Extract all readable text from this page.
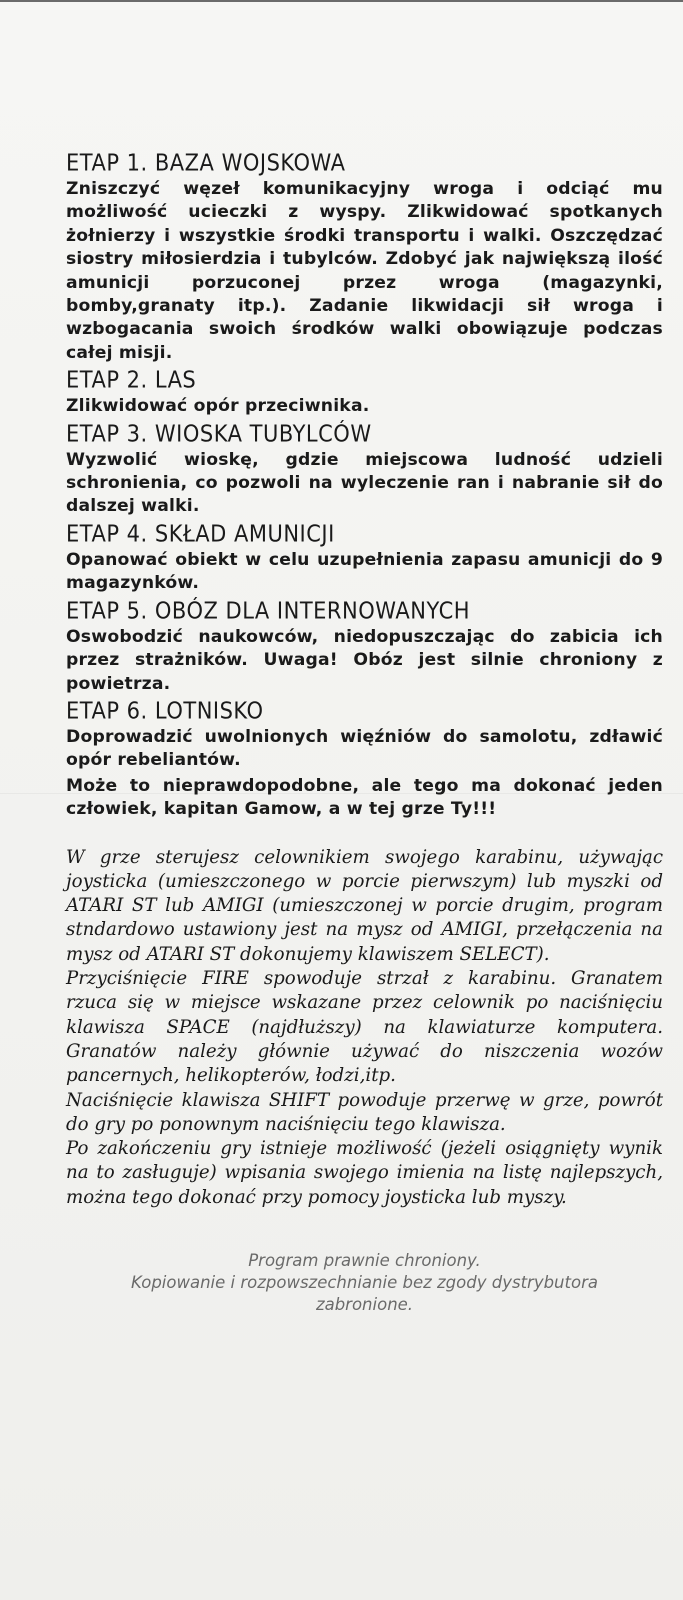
ETAP 1. BAZA WOJSKOWA

Zniszczyć węzeł komunikacyjny wroga i odciąć mu możliwość ucieczki z wyspy. Zlikwidować spotkanych żołnierzy i wszystkie środki transportu i walki. Oszczędzać siostry miłosierdzia i tubylców. Zdobyć jak największą ilość amunicji porzuconej przez wroga (magazynki, bomby,granaty itp.). Zadanie likwidacji sił wroga i wzbogacania swoich środków walki obowiązuje podczas całej misji.

ETAP 2. LAS

Zlikwidować opór przeciwnika.

ETAP 3. WIOSKA TUBYLCÓW

Wyzwolić wioskę, gdzie miejscowa ludność udzieli schronienia, co pozwoli na wyleczenie ran i nabranie sił do dalszej walki.

ETAP 4. SKŁAD AMUNICJI

Opanować obiekt w celu uzupełnienia zapasu amunicji do 9 magazynków.

ETAP 5. OBÓZ DLA INTERNOWANYCH

Oswobodzić naukowców, niedopuszczając do zabicia ich przez strażników. Uwaga! Obóz jest silnie chroniony z powietrza.

ETAP 6. LOTNISKO

Doprowadzić uwolnionych więźniów do samolotu, zdławić opór rebeliantów.

Może to nieprawdopodobne, ale tego ma dokonać jeden człowiek, kapitan Gamow, a w tej grze Ty!!!

W grze sterujesz celownikiem swojego karabinu, używając joysticka (umieszczonego w porcie pierwszym) lub myszki od ATARI ST lub AMIGI (umieszczonej w porcie drugim, program stndardowo ustawiony jest na mysz od AMIGI, przełączenia na mysz od ATARI ST dokonujemy klawiszem SELECT).

Przyciśnięcie FIRE spowoduje strzał z karabinu. Granatem rzuca się w miejsce wskazane przez celownik po naciśnięciu klawisza SPACE (najdłuższy) na klawiaturze komputera. Granatów należy głównie używać do niszczenia wozów pancernych, helikopterów, łodzi,itp.

Naciśnięcie klawisza SHIFT powoduje przerwę w grze, powrót do gry po ponownym naciśnięciu tego klawisza.

Po zakończeniu gry istnieje możliwość (jeżeli osiągnięty wynik na to zasługuje) wpisania swojego imienia na listę najlepszych, można tego dokonać przy pomocy joysticka lub myszy.

Program prawnie chroniony.
Kopiowanie i rozpowszechnianie bez zgody dystrybutora
zabronione.
